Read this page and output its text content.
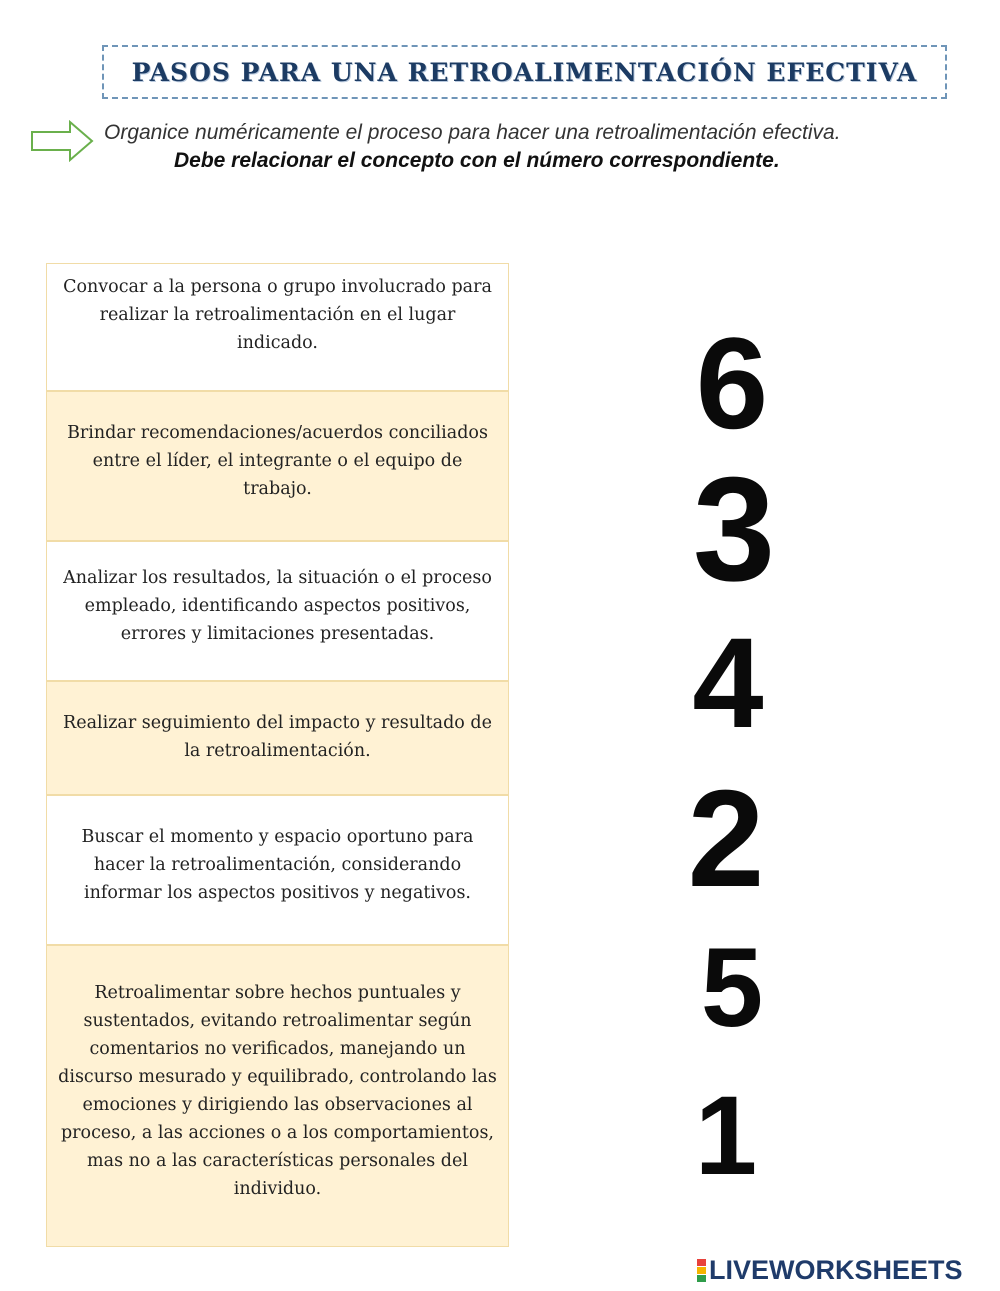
PASOS PARA UNA RETROALIMENTACIÓN EFECTIVA
Organice numéricamente el proceso para hacer una retroalimentación efectiva.
Debe relacionar el concepto con el número correspondiente.
Convocar a la persona o grupo involucrado para realizar la retroalimentación en el lugar indicado.
Brindar recomendaciones/acuerdos conciliados entre el líder, el integrante o el equipo de trabajo.
Analizar los resultados, la situación o el proceso empleado, identificando aspectos positivos, errores y limitaciones presentadas.
Realizar seguimiento del impacto y resultado de la retroalimentación.
Buscar el momento y espacio oportuno para hacer la retroalimentación, considerando informar los aspectos positivos y negativos.
Retroalimentar sobre hechos puntuales y sustentados, evitando retroalimentar según comentarios no verificados, manejando un discurso mesurado y equilibrado, controlando las emociones y dirigiendo las observaciones al proceso, a las acciones o a los comportamientos, mas no a las características personales del individuo.
6
3
4
2
5
1
LIVEWORKSHEETS
